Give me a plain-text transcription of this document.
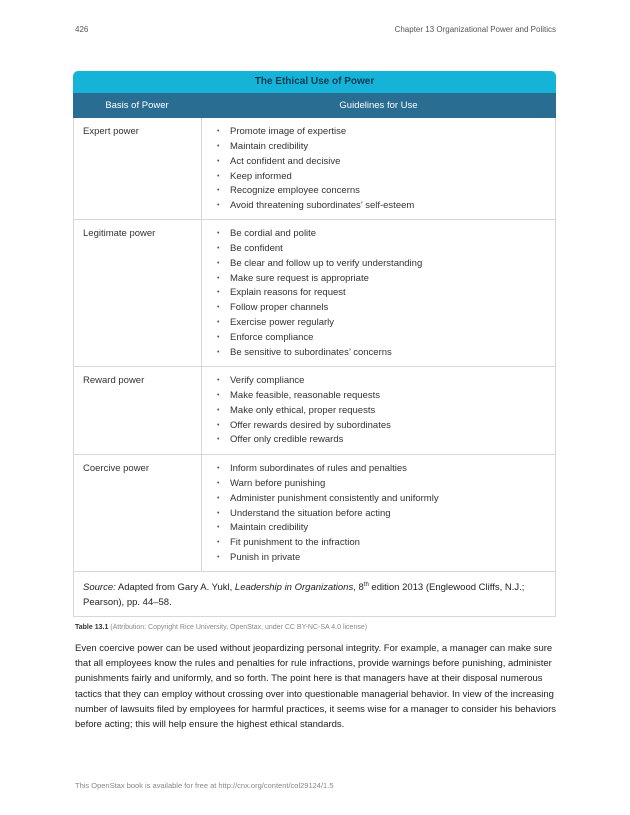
426	Chapter 13 Organizational Power and Politics
The Ethical Use of Power
Basis of Power	Guidelines for Use
Expert power	• Promote image of expertise
• Maintain credibility
• Act confident and decisive
• Keep informed
• Recognize employee concerns
• Avoid threatening subordinates’ self-esteem
Legitimate power	• Be cordial and polite
• Be confident
• Be clear and follow up to verify understanding
• Make sure request is appropriate
• Explain reasons for request
• Follow proper channels
• Exercise power regularly
• Enforce compliance
• Be sensitive to subordinates’ concerns
Reward power	• Verify compliance
• Make feasible, reasonable requests
• Make only ethical, proper requests
• Offer rewards desired by subordinates
• Offer only credible rewards
Coercive power	• Inform subordinates of rules and penalties
• Warn before punishing
• Administer punishment consistently and uniformly
• Understand the situation before acting
• Maintain credibility
• Fit punishment to the infraction
• Punish in private
Source: Adapted from Gary A. Yukl, Leadership in Organizations, 8th edition 2013 (Englewood Cliffs, N.J.; Pearson), pp. 44–58.
Table 13.1 (Attribution: Copyright Rice University, OpenStax, under CC BY-NC-SA 4.0 license)
Even coercive power can be used without jeopardizing personal integrity. For example, a manager can make sure that all employees know the rules and penalties for rule infractions, provide warnings before punishing, administer punishments fairly and uniformly, and so forth. The point here is that managers have at their disposal numerous tactics that they can employ without crossing over into questionable managerial behavior. In view of the increasing number of lawsuits filed by employees for harmful practices, it seems wise for a manager to consider his behaviors before acting; this will help ensure the highest ethical standards.
This OpenStax book is available for free at http://cnx.org/content/col29124/1.5
